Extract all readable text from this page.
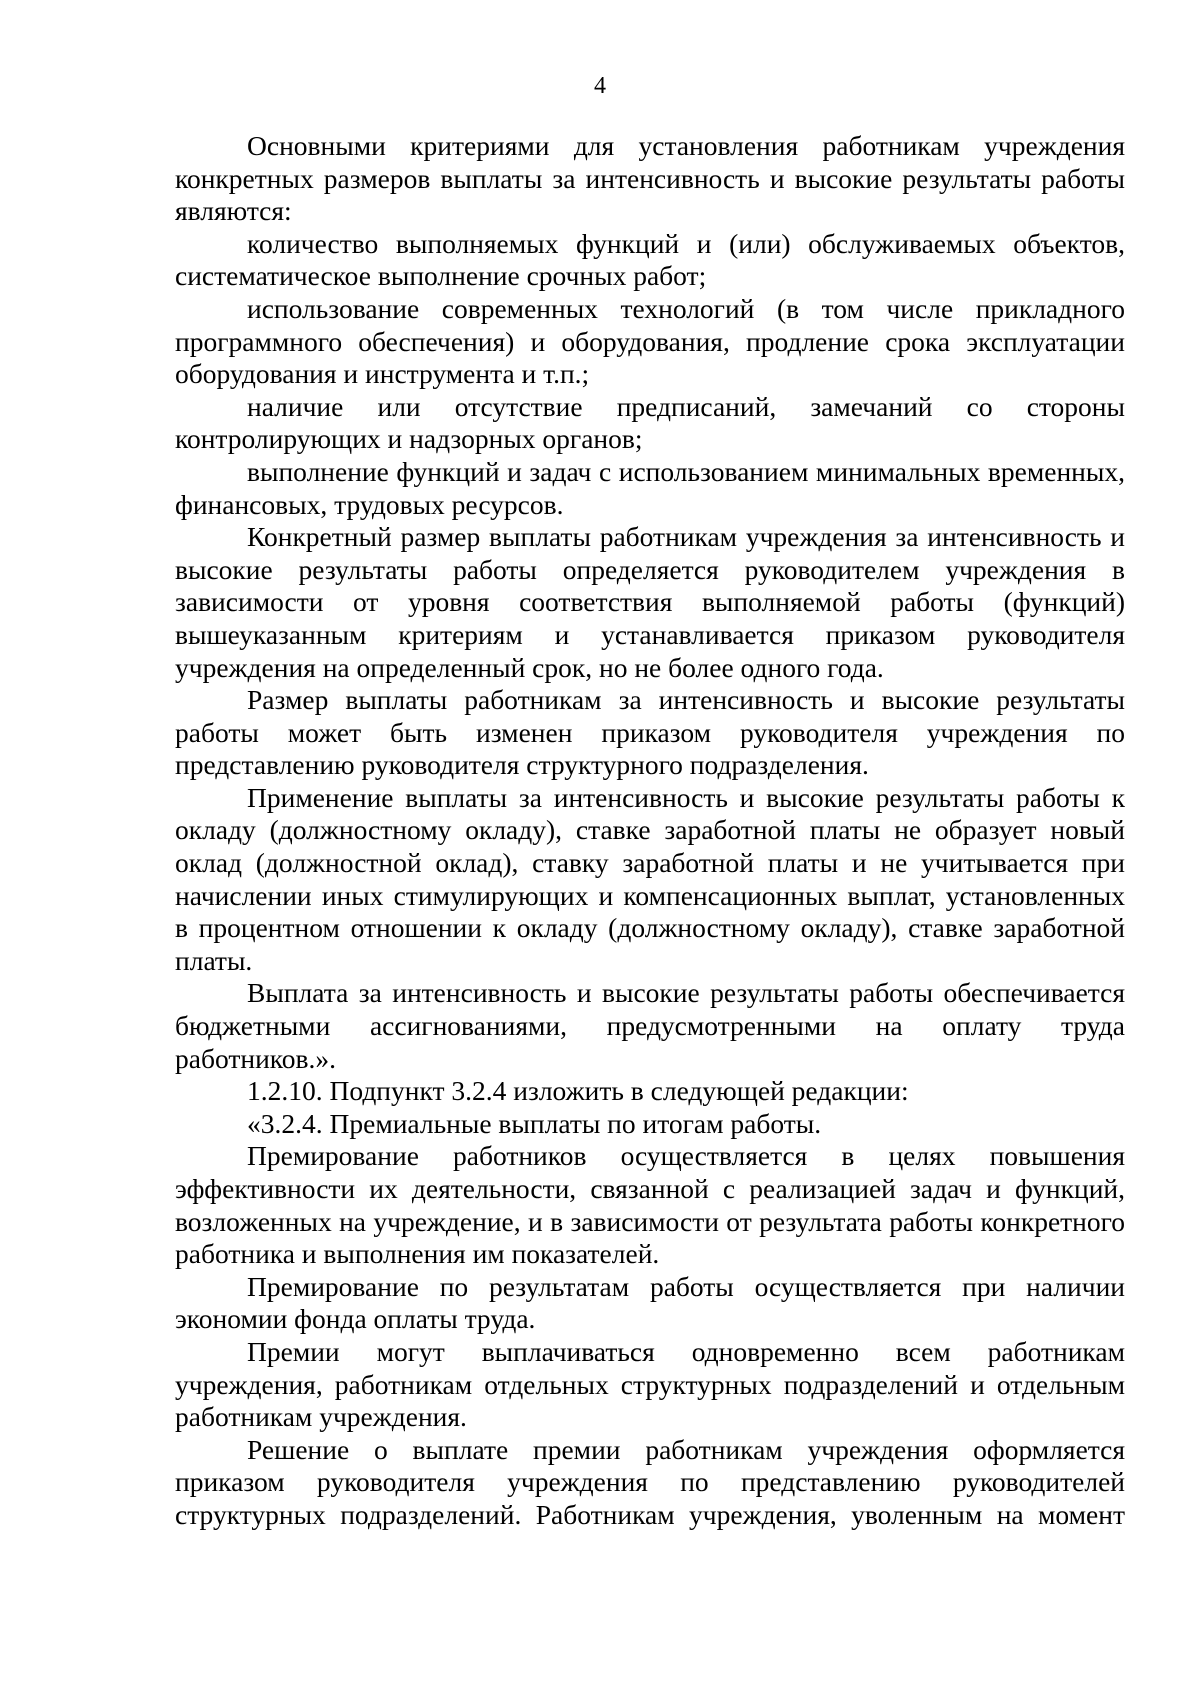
4

Основными критериями для установления работникам учреждения конкретных размеров выплаты за интенсивность и высокие результаты работы являются:

количество выполняемых функций и (или) обслуживаемых объектов, систематическое выполнение срочных работ;

использование современных технологий (в том числе прикладного программного обеспечения) и оборудования, продление срока эксплуатации оборудования и инструмента и т.п.;

наличие или отсутствие предписаний, замечаний со стороны контролирующих и надзорных органов;

выполнение функций и задач с использованием минимальных временных, финансовых, трудовых ресурсов.

Конкретный размер выплаты работникам учреждения за интенсивность и высокие результаты работы определяется руководителем учреждения в зависимости от уровня соответствия выполняемой работы (функций) вышеуказанным критериям и устанавливается приказом руководителя учреждения на определенный срок, но не более одного года.

Размер выплаты работникам за интенсивность и высокие результаты работы может быть изменен приказом руководителя учреждения по представлению руководителя структурного подразделения.

Применение выплаты за интенсивность и высокие результаты работы к окладу (должностному окладу), ставке заработной платы не образует новый оклад (должностной оклад), ставку заработной платы и не учитывается при начислении иных стимулирующих и компенсационных выплат, установленных в процентном отношении к окладу (должностному окладу), ставке заработной платы.

Выплата за интенсивность и высокие результаты работы обеспечивается бюджетными ассигнованиями, предусмотренными на оплату труда работников.».

1.2.10. Подпункт 3.2.4 изложить в следующей редакции:

«3.2.4. Премиальные выплаты по итогам работы.

Премирование работников осуществляется в целях повышения эффективности их деятельности, связанной с реализацией задач и функций, возложенных на учреждение, и в зависимости от результата работы конкретного работника и выполнения им показателей.

Премирование по результатам работы осуществляется при наличии экономии фонда оплаты труда.

Премии могут выплачиваться одновременно всем работникам учреждения, работникам отдельных структурных подразделений и отдельным работникам учреждения.

Решение о выплате премии работникам учреждения оформляется приказом руководителя учреждения по представлению руководителей структурных подразделений. Работникам учреждения, уволенным на момент
